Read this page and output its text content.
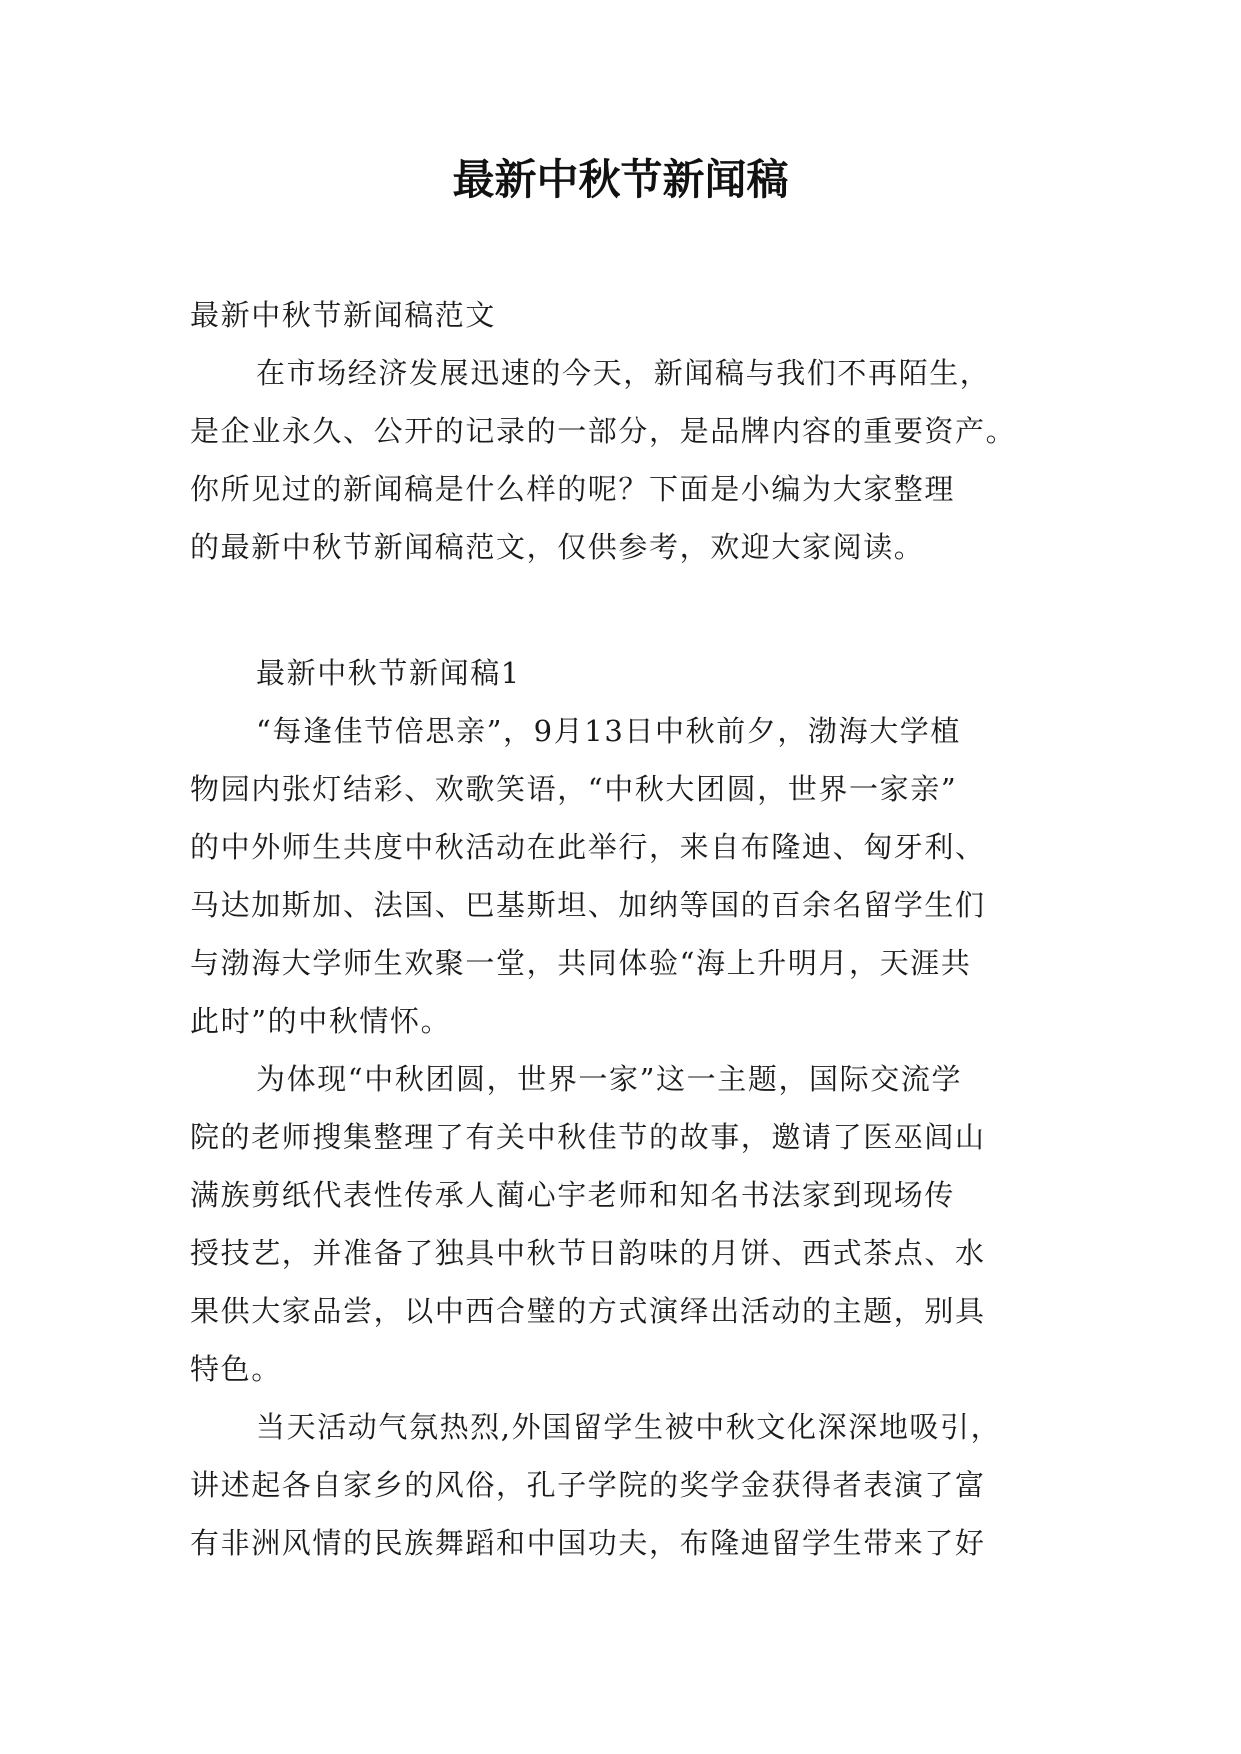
最新中秋节新闻稿
最新中秋节新闻稿范文
在市场经济发展迅速的今天，新闻稿与我们不再陌生，
是企业永久、公开的记录的一部分，是品牌内容的重要资产。
你所见过的新闻稿是什么样的呢？下面是小编为大家整理
的最新中秋节新闻稿范文，仅供参考，欢迎大家阅读。
最新中秋节新闻稿1
“每逢佳节倍思亲”，9月13日中秋前夕，渤海大学植
物园内张灯结彩、欢歌笑语，“中秋大团圆，世界一家亲”
的中外师生共度中秋活动在此举行，来自布隆迪、匈牙利、
马达加斯加、法国、巴基斯坦、加纳等国的百余名留学生们
与渤海大学师生欢聚一堂，共同体验“海上升明月，天涯共
此时”的中秋情怀。
为体现“中秋团圆，世界一家”这一主题，国际交流学
院的老师搜集整理了有关中秋佳节的故事，邀请了医巫闾山
满族剪纸代表性传承人蔺心宇老师和知名书法家到现场传
授技艺，并准备了独具中秋节日韵味的月饼、西式茶点、水
果供大家品尝，以中西合璧的方式演绎出活动的主题，别具
特色。
当天活动气氛热烈,外国留学生被中秋文化深深地吸引，
讲述起各自家乡的风俗，孔子学院的奖学金获得者表演了富
有非洲风情的民族舞蹈和中国功夫，布隆迪留学生带来了好
